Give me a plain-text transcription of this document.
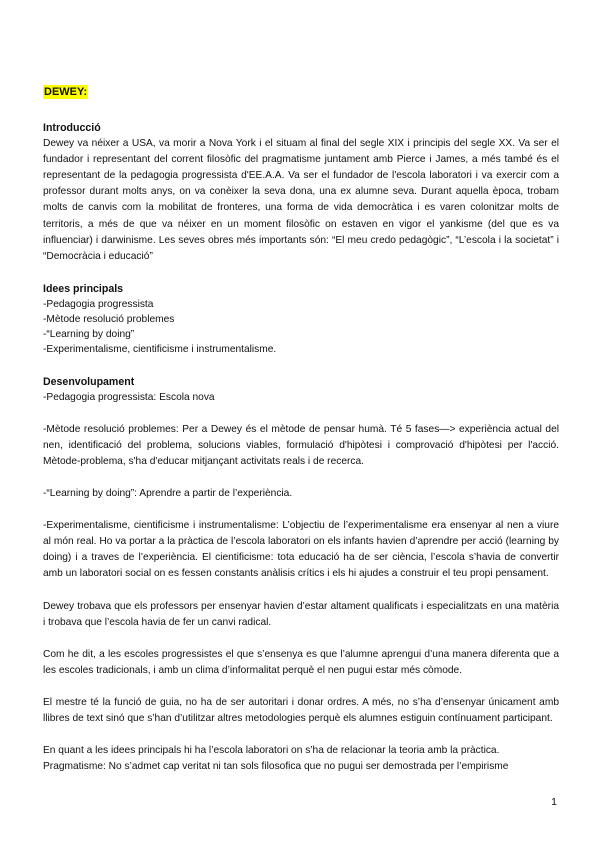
DEWEY:
Introducció

Dewey va néixer a USA, va morir a Nova York i el situam al final del segle XIX i principis del segle XX. Va ser el fundador i representant del corrent filosòfic del pragmatisme juntament amb Pierce i James, a més també és el representant de la pedagogia progressista d'EE.A.A. Va ser el fundador de l'escola laboratori i va exercir com a professor durant molts anys, on va conèixer la seva dona, una ex alumne seva. Durant aquella època, trobam molts de canvis com la mobilitat de fronteres, una forma de vida democràtica i es varen colonitzar molts de territoris, a més de que va néixer en un moment filosòfic on estaven en vigor el yankisme (del que es va influenciar) i darwinisme. Les seves obres més importants són: “El meu credo pedagògic”, “L’escola i la societat” i “Democràcia i educació”

Idees principals
-Pedagogia progressista
-Mètode resolució problemes
-“Learning by doing”
-Experimentalisme, cientificisme i instrumentalisme.
Desenvolupament

-Pedagogia progressista: Escola nova

-Mètode resolució problemes: Per a Dewey és el mètode de pensar humà. Té 5 fases—> experiència actual del nen, identificació del problema, solucions viables, formulació d'hipòtesi i comprovació d'hipòtesi per l'acció. Mètode-problema, s'ha d'educar mitjançant activitats reals i de recerca.

-“Learning by doing”: Aprendre a partir de l’experiència.

-Experimentalisme, cientificisme i instrumentalisme: L’objectiu de l’experimentalisme era ensenyar al nen a viure al món real. Ho va portar a la pràctica de l’escola laboratori on els infants havien d’aprendre per acció (learning by doing) i a traves de l’experiència. El cientificisme: tota educació ha de ser ciència, l’escola s’havia de convertir amb un laboratori social on es fessen constants anàlisis crítics i els hi ajudes a construir el teu propi pensament.

Dewey trobava que els professors per ensenyar havien d’estar altament qualificats i especialitzats en una matèria i trobava que l’escola havia de fer un canvi radical.

Com he dit, a les escoles progressistes el que s’ensenya es que l’alumne aprengui d’una manera diferenta que a les escoles tradicionals, i amb un clima d’informalitat perquè el nen pugui estar més còmode.

El mestre té la funció de guia, no ha de ser autoritari i donar ordres. A més, no s’ha d’ensenyar únicament amb llibres de text sinó que s’han d’utilitzar altres metodologies perquè els alumnes estiguin contínuament participant.

En quant a les idees principals hi ha l’escola laboratori on s’ha de relacionar la teoria amb la pràctica.

Pragmatisme: No s’admet cap veritat ni tan sols filosofica que no pugui ser demostrada per l’empirisme

1
